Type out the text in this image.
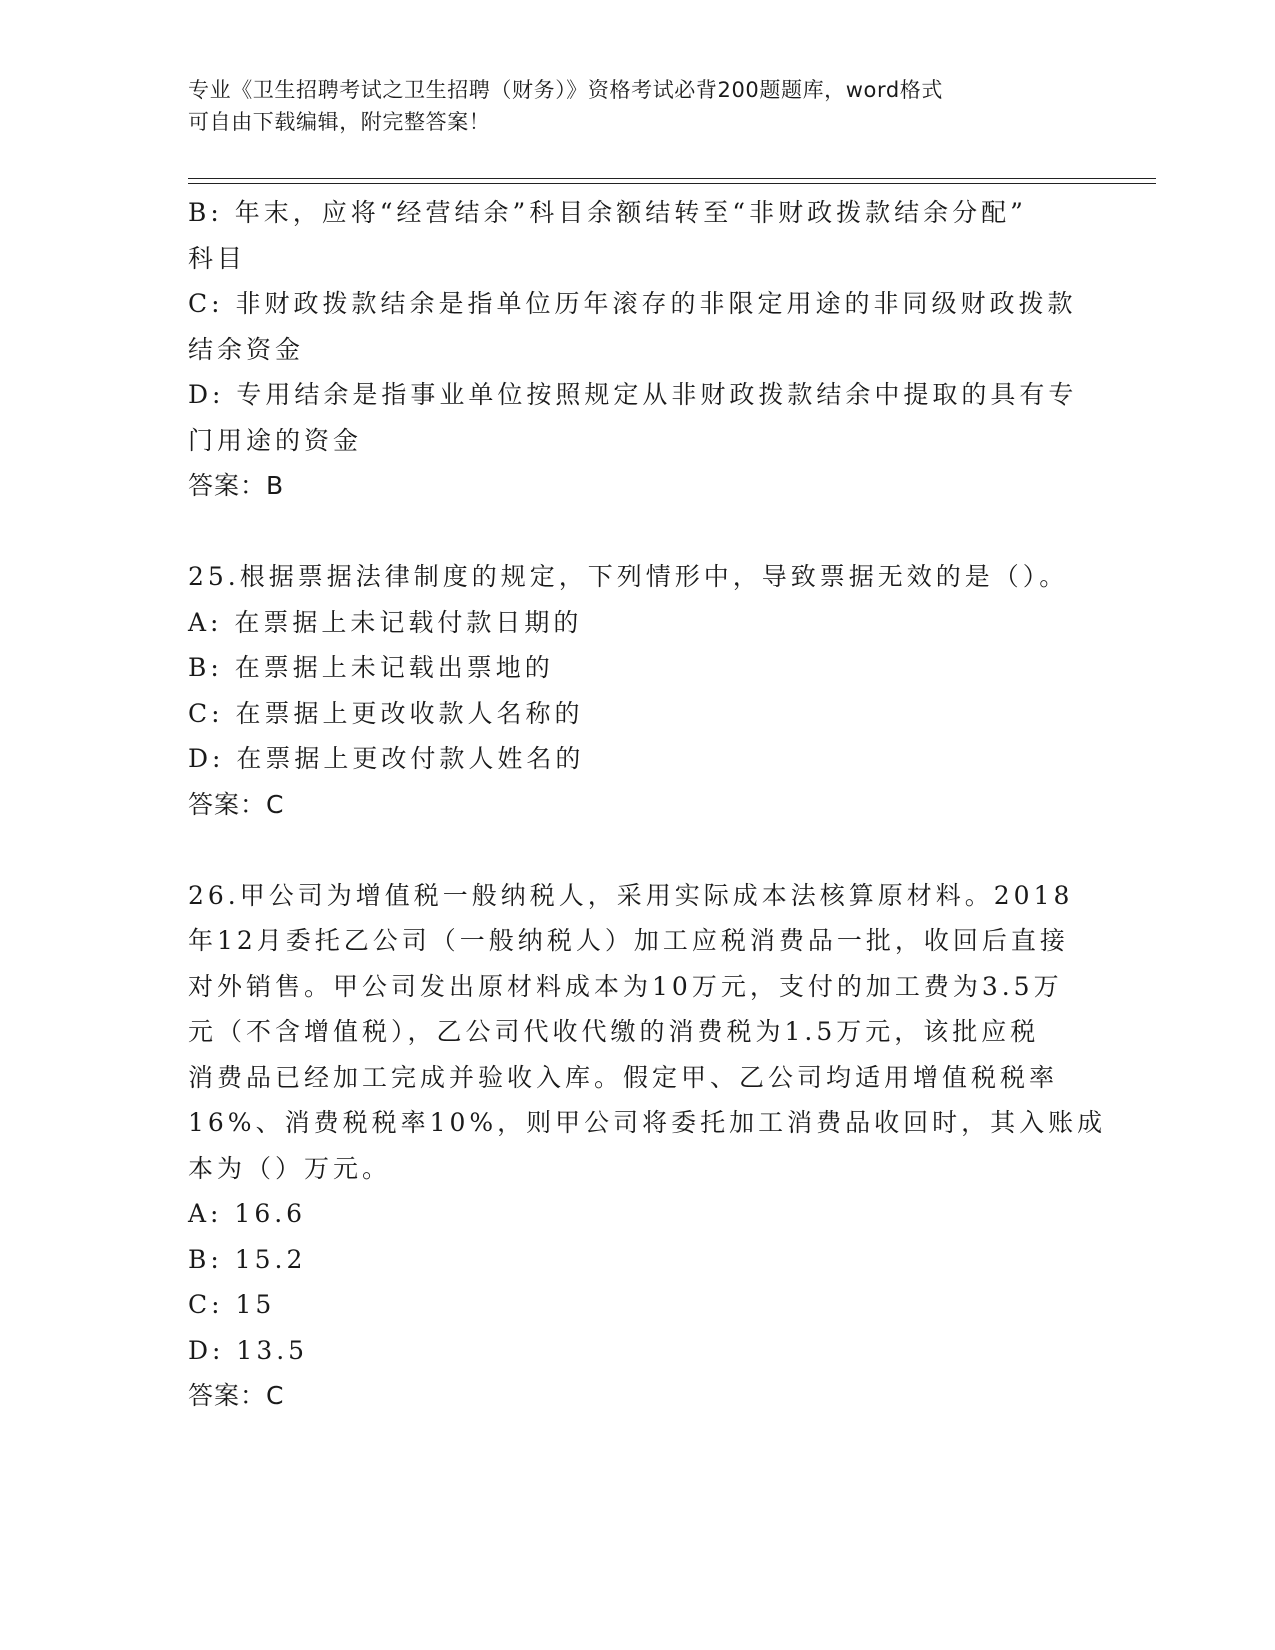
专业《卫生招聘考试之卫生招聘（财务）》资格考试必背200题题库，word格式
可自由下载编辑，附完整答案！
B: 年末，应将“经营结余”科目余额结转至“非财政拨款结余分配”
科目
C: 非财政拨款结余是指单位历年滚存的非限定用途的非同级财政拨款
结余资金
D: 专用结余是指事业单位按照规定从非财政拨款结余中提取的具有专
门用途的资金
答案：B
25.根据票据法律制度的规定，下列情形中，导致票据无效的是（）。
A: 在票据上未记载付款日期的
B: 在票据上未记载出票地的
C: 在票据上更改收款人名称的
D: 在票据上更改付款人姓名的
答案：C
26.甲公司为增值税一般纳税人，采用实际成本法核算原材料。2018
年12月委托乙公司（一般纳税人）加工应税消费品一批，收回后直接
对外销售。甲公司发出原材料成本为10万元，支付的加工费为3.5万
元（不含增值税），乙公司代收代缴的消费税为1.5万元，该批应税
消费品已经加工完成并验收入库。假定甲、乙公司均适用增值税税率
16%、消费税税率10%，则甲公司将委托加工消费品收回时，其入账成
本为（）万元。
A: 16.6
B: 15.2
C: 15
D: 13.5
答案：C
